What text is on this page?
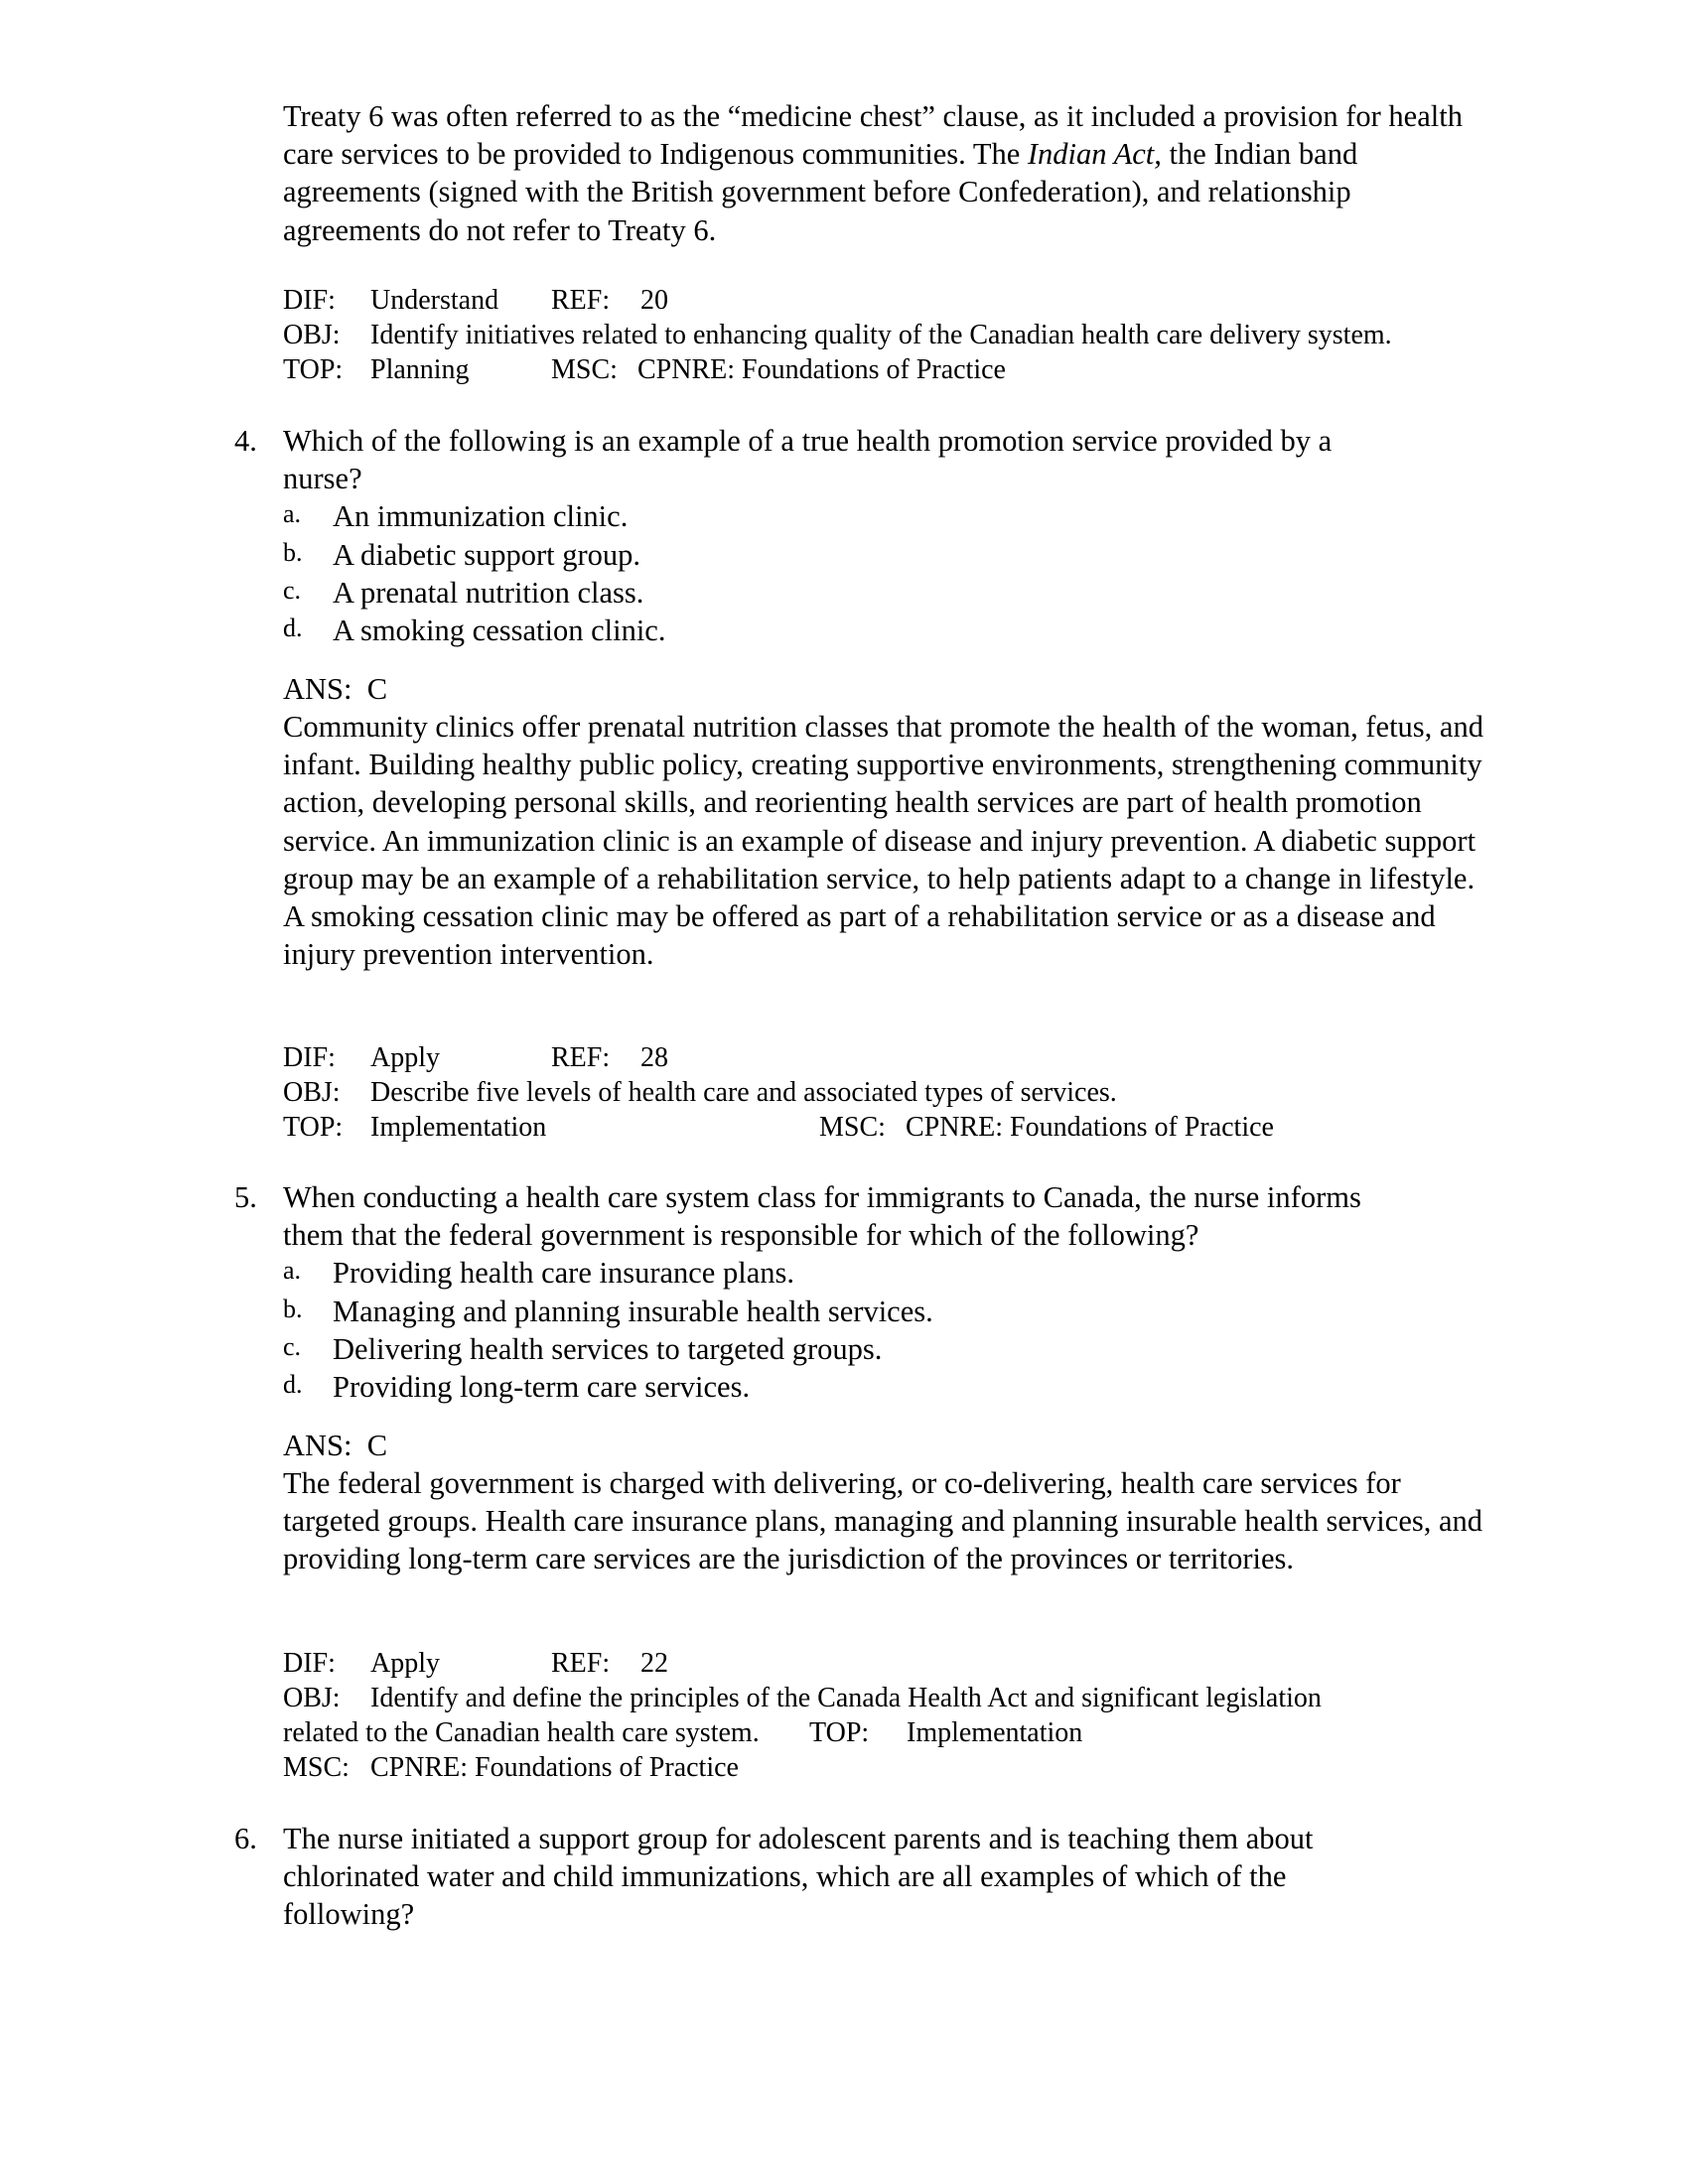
Treaty 6 was often referred to as the “medicine chest” clause, as it included a provision for health care services to be provided to Indigenous communities. The Indian Act, the Indian band agreements (signed with the British government before Confederation), and relationship agreements do not refer to Treaty 6.

DIF: Understand REF: 20
OBJ: Identify initiatives related to enhancing quality of the Canadian health care delivery system.
TOP: Planning	MSC: CPNRE: Foundations of Practice
4. Which of the following is an example of a true health promotion service provided by a
nurse?
a. An immunization clinic.
b. A diabetic support group.
c. A prenatal nutrition class.
d. A smoking cessation clinic.
ANS: C

Community clinics offer prenatal nutrition classes that promote the health of the woman, fetus, and infant. Building healthy public policy, creating supportive environments, strengthening community action, developing personal skills, and reorienting health services are part of health promotion service. An immunization clinic is an example of disease and injury prevention. A diabetic support group may be an example of a rehabilitation service, to help patients adapt to a change in lifestyle. A smoking cessation clinic may be offered as part of a rehabilitation service or as a disease and injury prevention intervention.

DIF: Apply	REF: 28
OBJ: Describe five levels of health care and associated types of services.
TOP: Implementation	MSC: CPNRE: Foundations of Practice
5. When conducting a health care system class for immigrants to Canada, the nurse informs
them that the federal government is responsible for which of the following?
a. Providing health care insurance plans.
b. Managing and planning insurable health services.
c. Delivering health services to targeted groups.
d. Providing long-term care services.
ANS: C

The federal government is charged with delivering, or co-delivering, health care services for targeted groups. Health care insurance plans, managing and planning insurable health services, and providing long-term care services are the jurisdiction of the provinces or territories.

DIF: Apply	REF: 22
OBJ: Identify and define the principles of the Canada Health Act and significant legislation
related to the Canadian health care system. TOP: Implementation
MSC: CPNRE: Foundations of Practice
6. The nurse initiated a support group for adolescent parents and is teaching them about
chlorinated water and child immunizations, which are all examples of which of the
following?
